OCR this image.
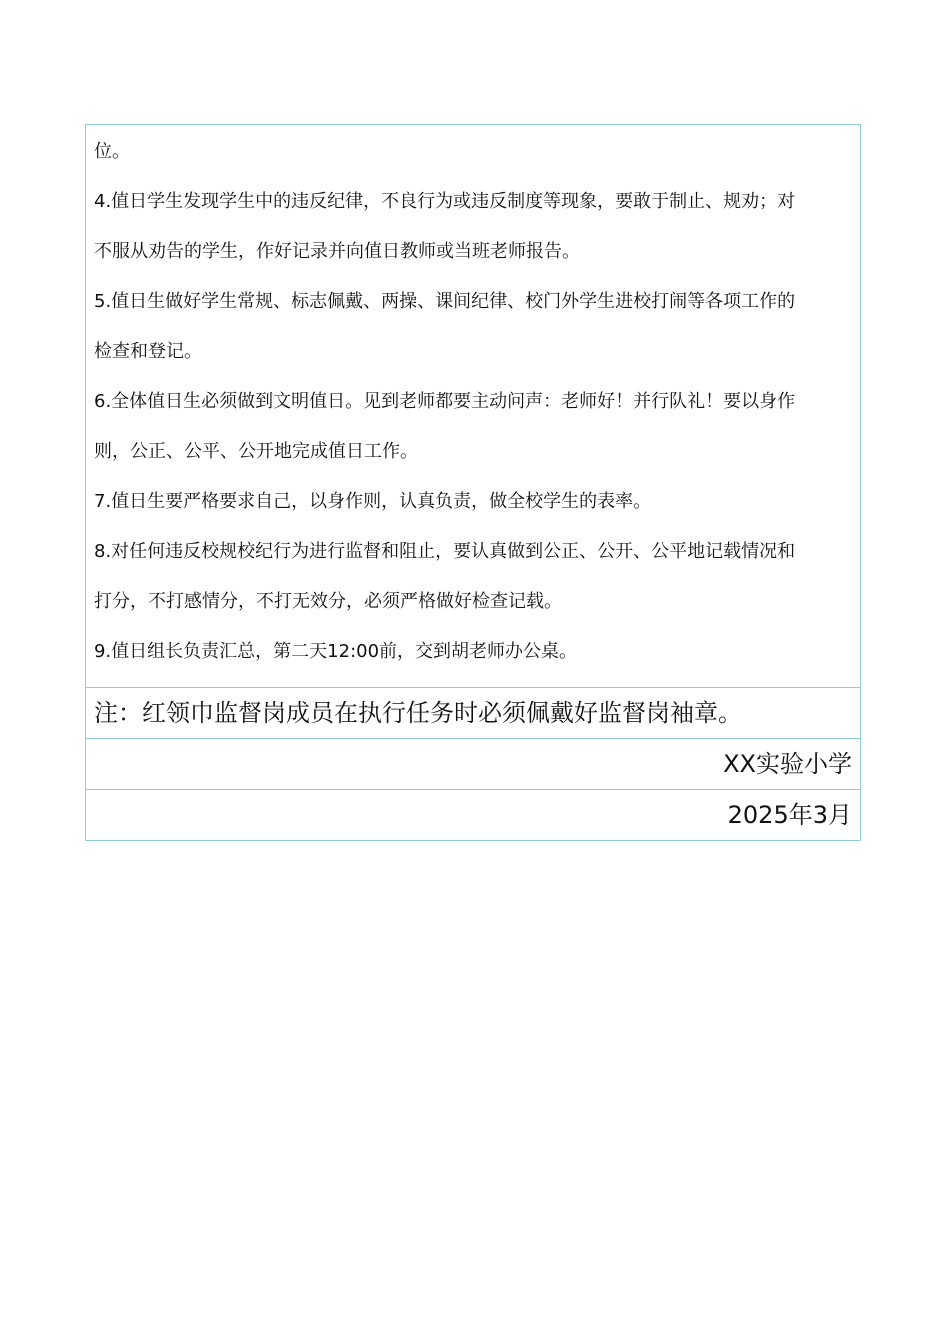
位。
4.值日学生发现学生中的违反纪律，不良行为或违反制度等现象，要敢于制止、规劝；对
不服从劝告的学生，作好记录并向值日教师或当班老师报告。
5.值日生做好学生常规、标志佩戴、两操、课间纪律、校门外学生进校打闹等各项工作的
检查和登记。
6.全体值日生必须做到文明值日。见到老师都要主动问声：老师好！并行队礼！要以身作
则，公正、公平、公开地完成值日工作。
7.值日生要严格要求自己，以身作则，认真负责，做全校学生的表率。
8.对任何违反校规校纪行为进行监督和阻止，要认真做到公正、公开、公平地记载情况和
打分，不打感情分，不打无效分，必须严格做好检查记载。
9.值日组长负责汇总，第二天12:00前，交到胡老师办公桌。
注：红领巾监督岗成员在执行任务时必须佩戴好监督岗袖章。
XX实验小学
2025年3月
